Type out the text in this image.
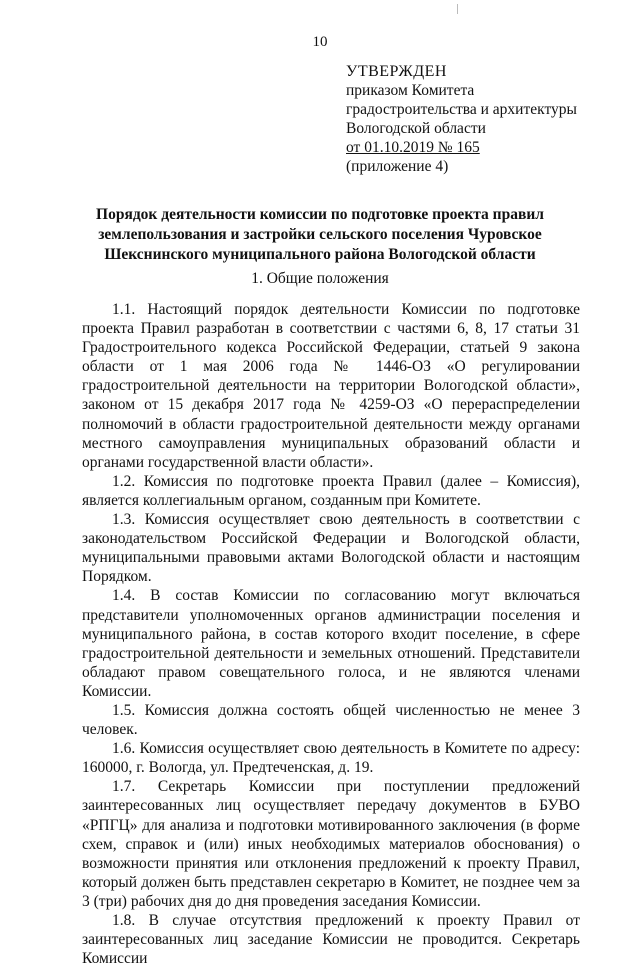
10
УТВЕРЖДЕН
приказом Комитета
градостроительства и архитектуры
Вологодской области
от 01.10.2019 № 165
(приложение 4)
Порядок деятельности комиссии по подготовке проекта правил
землепользования и застройки сельского поселения Чуровское
Шекснинского муниципального района Вологодской области
1. Общие положения

1.1. Настоящий порядок деятельности Комиссии по подготовке проекта Правил разработан в соответствии с частями 6, 8, 17 статьи 31 Градостроительного кодекса Российской Федерации, статьей 9 закона области от 1 мая 2006 года № 1446-ОЗ «О регулировании градостроительной деятельности на территории Вологодской области», законом от 15 декабря 2017 года № 4259-ОЗ «О перераспределении полномочий в области градостроительной деятельности между органами местного самоуправления муниципальных образований области и органами государственной власти области».

1.2. Комиссия по подготовке проекта Правил (далее – Комиссия), является коллегиальным органом, созданным при Комитете.

1.3. Комиссия осуществляет свою деятельность в соответствии с законодательством Российской Федерации и Вологодской области, муниципальными правовыми актами Вологодской области и настоящим Порядком.

1.4. В состав Комиссии по согласованию могут включаться представители уполномоченных органов администрации поселения и муниципального района, в состав которого входит поселение, в сфере градостроительной деятельности и земельных отношений. Представители обладают правом совещательного голоса, и не являются членами Комиссии.

1.5. Комиссия должна состоять общей численностью не менее 3 человек.

1.6. Комиссия осуществляет свою деятельность в Комитете по адресу: 160000, г. Вологда, ул. Предтеченская, д. 19.

1.7. Секретарь Комиссии при поступлении предложений заинтересованных лиц осуществляет передачу документов в БУВО «РПГЦ» для анализа и подготовки мотивированного заключения (в форме схем, справок и (или) иных необходимых материалов обоснования) о возможности принятия или отклонения предложений к проекту Правил, который должен быть представлен секретарю в Комитет, не позднее чем за 3 (три) рабочих дня до дня проведения заседания Комиссии.

1.8. В случае отсутствия предложений к проекту Правил от заинтересованных лиц заседание Комиссии не проводится. Секретарь Комиссии
